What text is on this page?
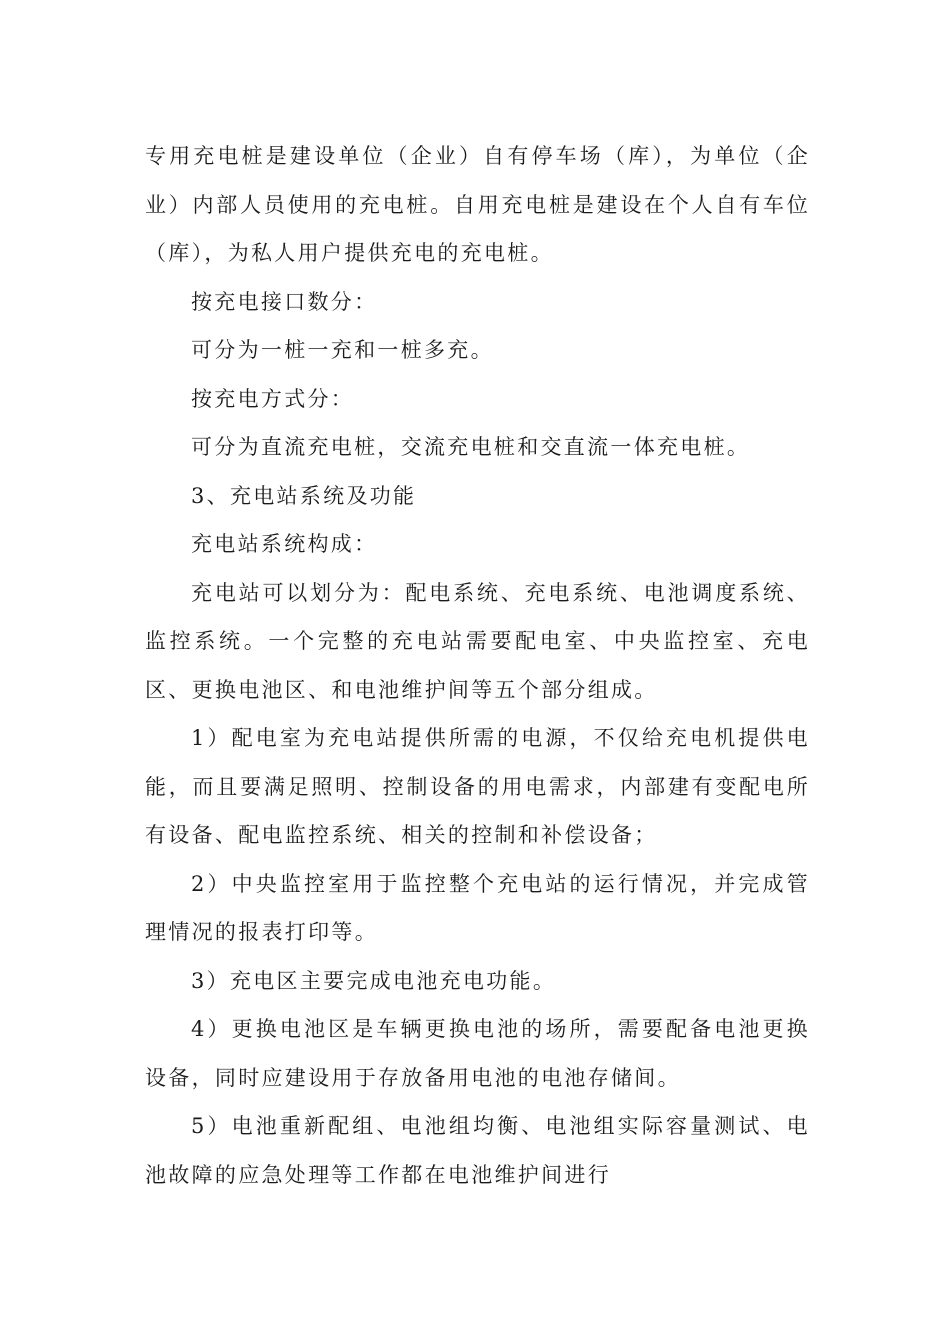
专用充电桩是建设单位（企业）自有停车场（库），为单位（企业）内部人员使用的充电桩。自用充电桩是建设在个人自有车位（库），为私人用户提供充电的充电桩。

按充电接口数分：

可分为一桩一充和一桩多充。

按充电方式分：

可分为直流充电桩，交流充电桩和交直流一体充电桩。

3、充电站系统及功能

充电站系统构成：

充电站可以划分为：配电系统、充电系统、电池调度系统、监控系统。一个完整的充电站需要配电室、中央监控室、充电区、更换电池区、和电池维护间等五个部分组成。

1）配电室为充电站提供所需的电源，不仅给充电机提供电能，而且要满足照明、控制设备的用电需求，内部建有变配电所有设备、配电监控系统、相关的控制和补偿设备；

2）中央监控室用于监控整个充电站的运行情况，并完成管理情况的报表打印等。

3）充电区主要完成电池充电功能。

4）更换电池区是车辆更换电池的场所，需要配备电池更换设备，同时应建设用于存放备用电池的电池存储间。

5）电池重新配组、电池组均衡、电池组实际容量测试、电池故障的应急处理等工作都在电池维护间进行
